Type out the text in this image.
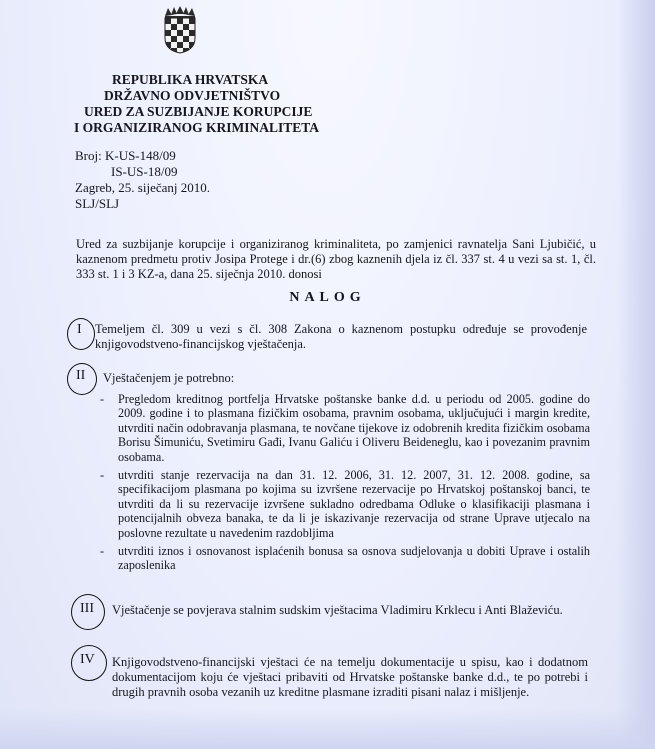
REPUBLIKA HRVATSKA
DRŽAVNO ODVJETNIŠTVO
URED ZA SUZBIJANJE KORUPCIJE
I ORGANIZIRANOG KRIMINALITETA
Broj: K-US-148/09
IS-US-18/09
Zagreb, 25. siječanj 2010.
SLJ/SLJ
Ured za suzbijanje korupcije i organiziranog kriminaliteta, po zamjenici ravnatelja Sani Ljubičić, u kaznenom predmetu protiv Josipa Protege i dr.(6) zbog kaznenih djela iz čl. 337 st. 4 u vezi sa st. 1, čl. 333 st. 1 i 3 KZ-a, dana 25. siječnja 2010. donosi
NALOG
I Temeljem čl. 309 u vezi s čl. 308 Zakona o kaznenom postupku određuje se provođenje knjigovodstveno-financijskog vještačenja.
II Vještačenjem je potrebno:
- Pregledom kreditnog portfelja Hrvatske poštanske banke d.d. u periodu od 2005. godine do 2009. godine i to plasmana fizičkim osobama, pravnim osobama, uključujući i margin kredite, utvrditi način odobravanja plasmana, te novčane tijekove iz odobrenih kredita fizičkim osobama Borisu Šimuniću, Svetimiru Gađi, Ivanu Galiću i Oliveru Beideneglu, kao i povezanim pravnim osobama.
- utvrditi stanje rezervacija na dan 31. 12. 2006, 31. 12. 2007, 31. 12. 2008. godine, sa specifikacijom plasmana po kojima su izvršene rezervacije po Hrvatskoj poštanskoj banci, te utvrditi da li su rezervacije izvršene sukladno odredbama Odluke o klasifikaciji plasmana i potencijalnih obveza banaka, te da li je iskazivanje rezervacija od strane Uprave utjecalo na poslovne rezultate u navedenim razdobljima
- utvrditi iznos i osnovanost isplaćenih bonusa sa osnova sudjelovanja u dobiti Uprave i ostalih zaposlenika
III Vještačenje se povjerava stalnim sudskim vještacima Vladimiru Krklecu i Anti Blaževiću.
IV Knjigovodstveno-financijski vještaci će na temelju dokumentacije u spisu, kao i dodatnom dokumentacijom koju će vještaci pribaviti od Hrvatske poštanske banke d.d., te po potrebi i drugih pravnih osoba vezanih uz kreditne plasmane izraditi pisani nalaz i mišljenje.
